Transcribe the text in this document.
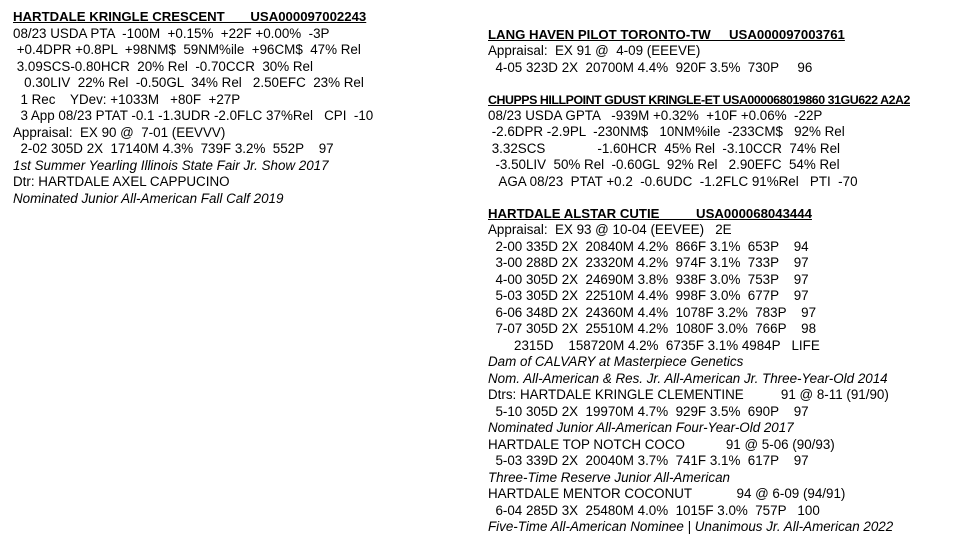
HARTDALE KRINGLE CRESCENT       USA000097002243
08/23 USDA PTA  -100M  +0.15%  +22F +0.00%  -3P
+0.4DPR +0.8PL  +98NM$  59NM%ile  +96CM$  47% Rel
3.09SCS-0.80HCR  20% Rel  -0.70CCR  30% Rel
0.30LIV  22% Rel  -0.50GL  34% Rel   2.50EFC  23% Rel
1 Rec    YDev: +1033M   +80F  +27P
3 App 08/23 PTAT -0.1 -1.3UDR -2.0FLC 37%Rel   CPI  -10
Appraisal:  EX 90 @  7-01 (EEVVV)
2-02 305D 2X  17140M 4.3%  739F 3.2%  552P    97
1st Summer Yearling Illinois State Fair Jr. Show 2017
Dtr: HARTDALE AXEL CAPPUCINO
Nominated Junior All-American Fall Calf 2019
LANG HAVEN PILOT TORONTO-TW     USA000097003761
Appraisal:  EX 91 @  4-09 (EEEVE)
4-05 323D 2X  20700M 4.4%  920F 3.5%  730P     96
CHUPPS HILLPOINT GDUST KRINGLE-ET USA000068019860 31GU622 A2A2
08/23 USDA GPTA   -939M +0.32%  +10F +0.06%  -22P
-2.6DPR -2.9PL  -230NM$   10NM%ile  -233CM$   92% Rel
3.32SCS              -1.60HCR  45% Rel  -3.10CCR  74% Rel
-3.50LIV  50% Rel  -0.60GL  92% Rel   2.90EFC  54% Rel
AGA 08/23  PTAT +0.2  -0.6UDC  -1.2FLC 91%Rel   PTI  -70
HARTDALE ALSTAR CUTIE          USA000068043444
Appraisal:  EX 93 @ 10-04 (EEVEE)   2E
2-00 335D 2X  20840M 4.2%  866F 3.1%  653P    94
3-00 288D 2X  23320M 4.2%  974F 3.1%  733P    97
4-00 305D 2X  24690M 3.8%  938F 3.0%  753P    97
5-03 305D 2X  22510M 4.4%  998F 3.0%  677P    97
6-06 348D 2X  24360M 4.4%  1078F 3.2%  783P    97
7-07 305D 2X  25510M 4.2%  1080F 3.0%  766P    98
2315D    158720M 4.2%  6735F 3.1% 4984P   LIFE
Dam of CALVARY at Masterpiece Genetics
Nom. All-American & Res. Jr. All-American Jr. Three-Year-Old 2014
Dtrs: HARTDALE KRINGLE CLEMENTINE          91 @ 8-11 (91/90)
5-10 305D 2X  19970M 4.7%  929F 3.5%  690P    97
Nominated Junior All-American Four-Year-Old 2017
HARTDALE TOP NOTCH COCO           91 @ 5-06 (90/93)
5-03 339D 2X  20040M 3.7%  741F 3.1%  617P    97
Three-Time Reserve Junior All-American
HARTDALE MENTOR COCONUT            94 @ 6-09 (94/91)
6-04 285D 3X  25480M 4.0%  1015F 3.0%  757P   100
Five-Time All-American Nominee | Unanimous Jr. All-American 2022
